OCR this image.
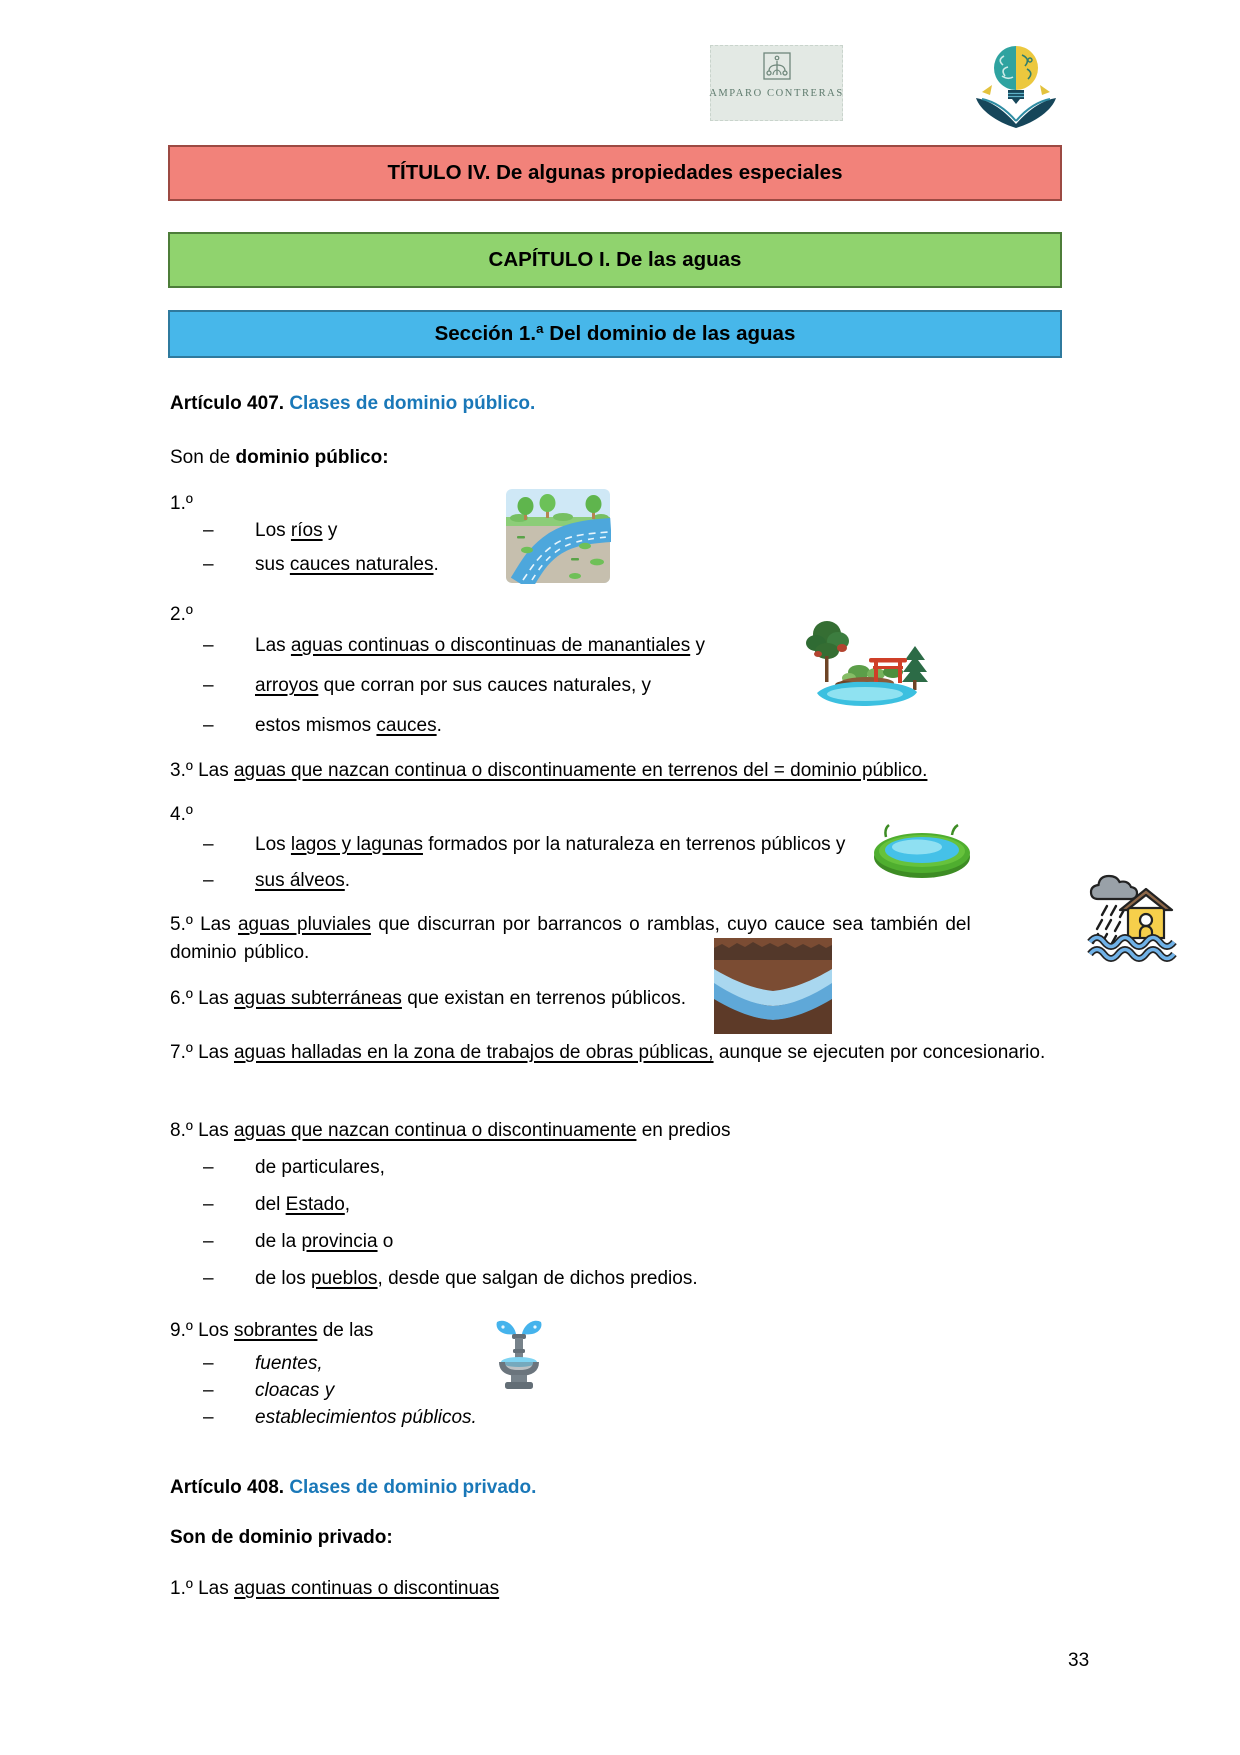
AMPARO CONTRERAS
TÍTULO IV. De algunas propiedades especiales
CAPÍTULO I. De las aguas
Sección 1.ª Del dominio de las aguas
Artículo 407. Clases de dominio público.
Son de dominio público:
1.º
– Los ríos y
– sus cauces naturales.
2.º
– Las aguas continuas o discontinuas de manantiales y
– arroyos que corran por sus cauces naturales, y
– estos mismos cauces.
3.º Las aguas que nazcan continua o discontinuamente en terrenos del = dominio público.
4.º
– Los lagos y lagunas formados por la naturaleza en terrenos públicos y
– sus álveos.
5.º Las aguas pluviales que discurran por barrancos o ramblas, cuyo cauce sea también del
dominio público.
6.º Las aguas subterráneas que existan en terrenos públicos.
7.º Las aguas halladas en la zona de trabajos de obras públicas, aunque se ejecuten por concesionario.
8.º Las aguas que nazcan continua o discontinuamente en predios
– de particulares,
– del Estado,
– de la provincia o
– de los pueblos, desde que salgan de dichos predios.
9.º Los sobrantes de las
– fuentes,
– cloacas y
– establecimientos públicos.
Artículo 408. Clases de dominio privado.
Son de dominio privado:
1.º Las aguas continuas o discontinuas
33
